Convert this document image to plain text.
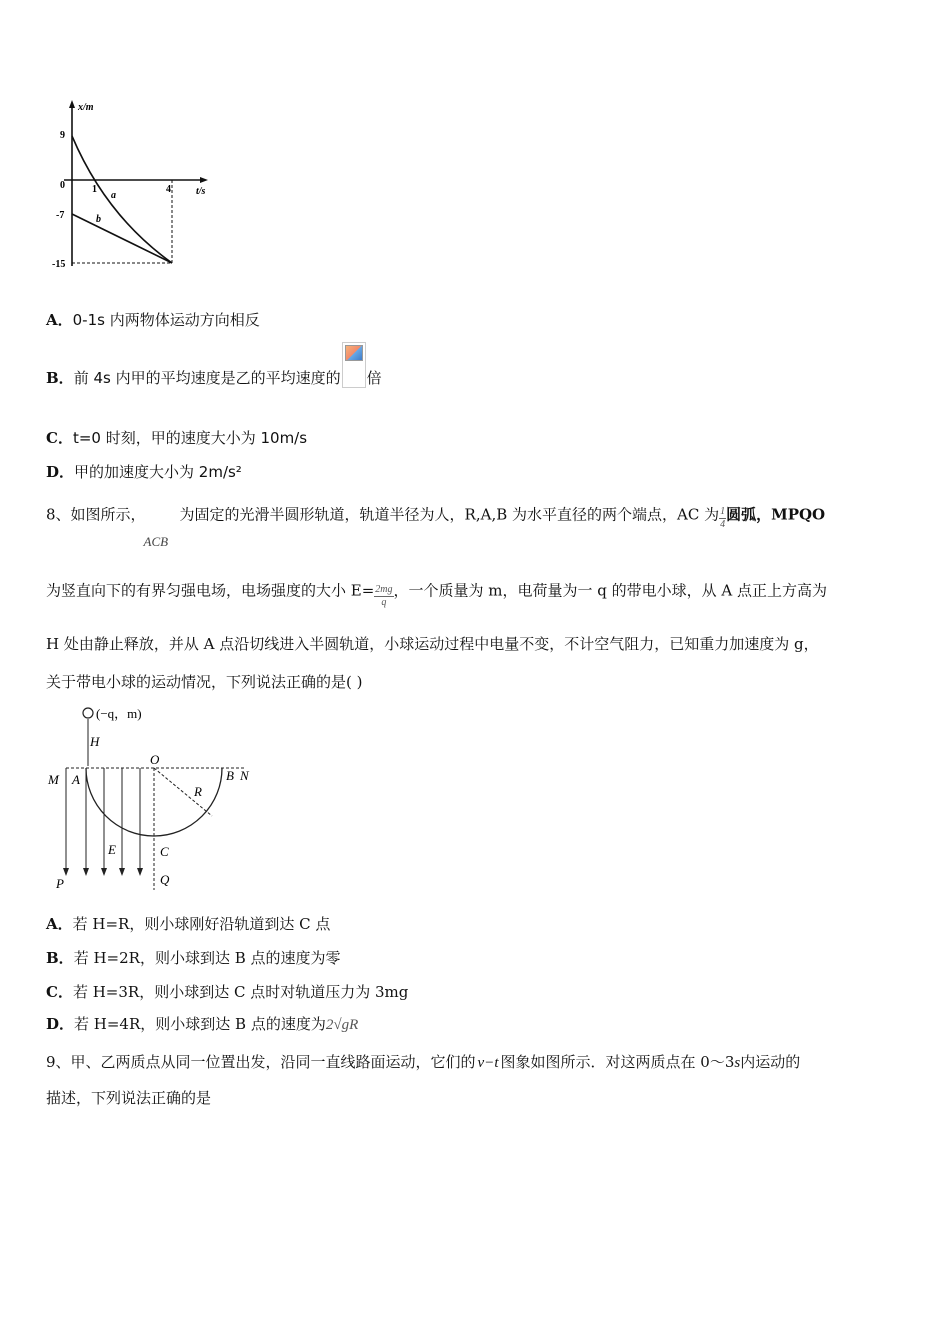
x/m
t/s
9
0
-7
-15
1	4
a
b
A．0-1s 内两物体运动方向相反
B．前 4s 内甲的平均速度是乙的平均速度的 倍
C．t=0 时刻，甲的速度大小为 10m/s
D．甲的加速度大小为 2m/s²
8、如图所示，
ACB
为固定的光滑半圆形轨道，轨道半径为人，R,A,B 为水平直径的两个端点，AC 为 $\frac{1}{4}$ 圆弧，MPQO
为竖直向下的有界匀强电场，电场强度的大小 $E= \frac{2mg}{q}$ ，一个质量为 m，电荷量为一 q 的带电小球，从 A 点正上方高为
H 处由静止释放，并从 A 点沿切线进入半圆轨道，小球运动过程中电量不变，不计空气阻力，已知重力加速度为 g，
关于带电小球的运动情况，下列说法正确的是( )
(−q，m)
H
O
M A	B N
R
E	C
P	Q
A．若 H=R，则小球刚好沿轨道到达 C 点
B．若 H=2R，则小球到达 B 点的速度为零
C．若 H=3R，则小球到达 C 点时对轨道压力为 3mg
D．若 H=4R，则小球到达 B 点的速度为2√gR
9、甲、乙两质点从同一位置出发，沿同一直线路面运动，它们的 v−t 图象如图所示．对这两质点在 0～3s内运动的
描述，下列说法正确的是
